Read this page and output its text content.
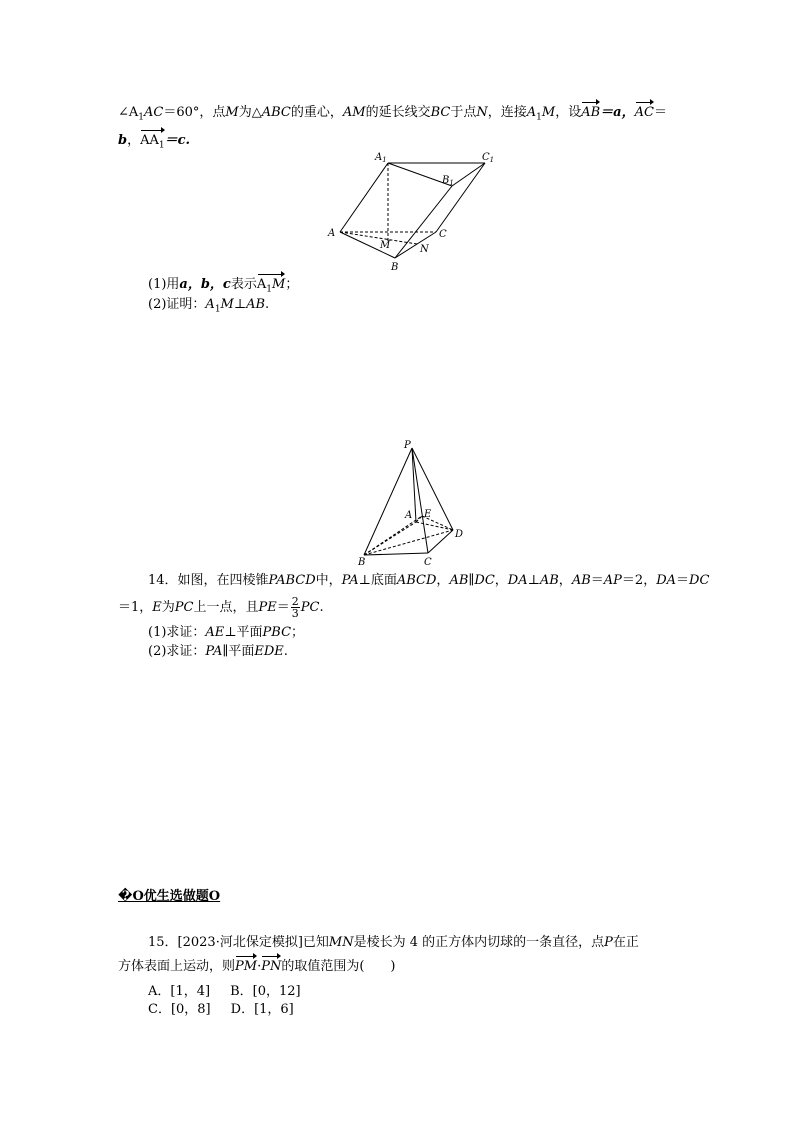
$\angle A_1AC=60^\circ$，点M为△ABC的重心，AM的延长线交BC于点N，连接$A_1M$，设AB＝a，AC＝
b，$AA_1=c$.
$A_1$	$C_1$
$B_1$
A	C
M	N
B
(1)用a，b，c表示$A_1M$；
(2)证明：$A_1M\perp AB$.
P
A E
D
B	C
14．如图，在四棱锥PABCD中，PA⊥底面ABCD，AB∥DC，DA⊥AB，AB＝AP＝2，DA＝DC
＝1，E为PC上一点，且$PE= \frac{2}{3}$ PC.
(1)求证：AE⊥平面PBC；
(2)求证：PA∥平面EDE.
�O优生选做题O
15．[2023·河北保定模拟]已知MN是棱长为 4 的正方体内切球的一条直径，点P在正
方体表面上运动，则PM·PN的取值范围为(　　)
A．[1，4] B．[0，12]
C．[0，8] D．[1，6]
